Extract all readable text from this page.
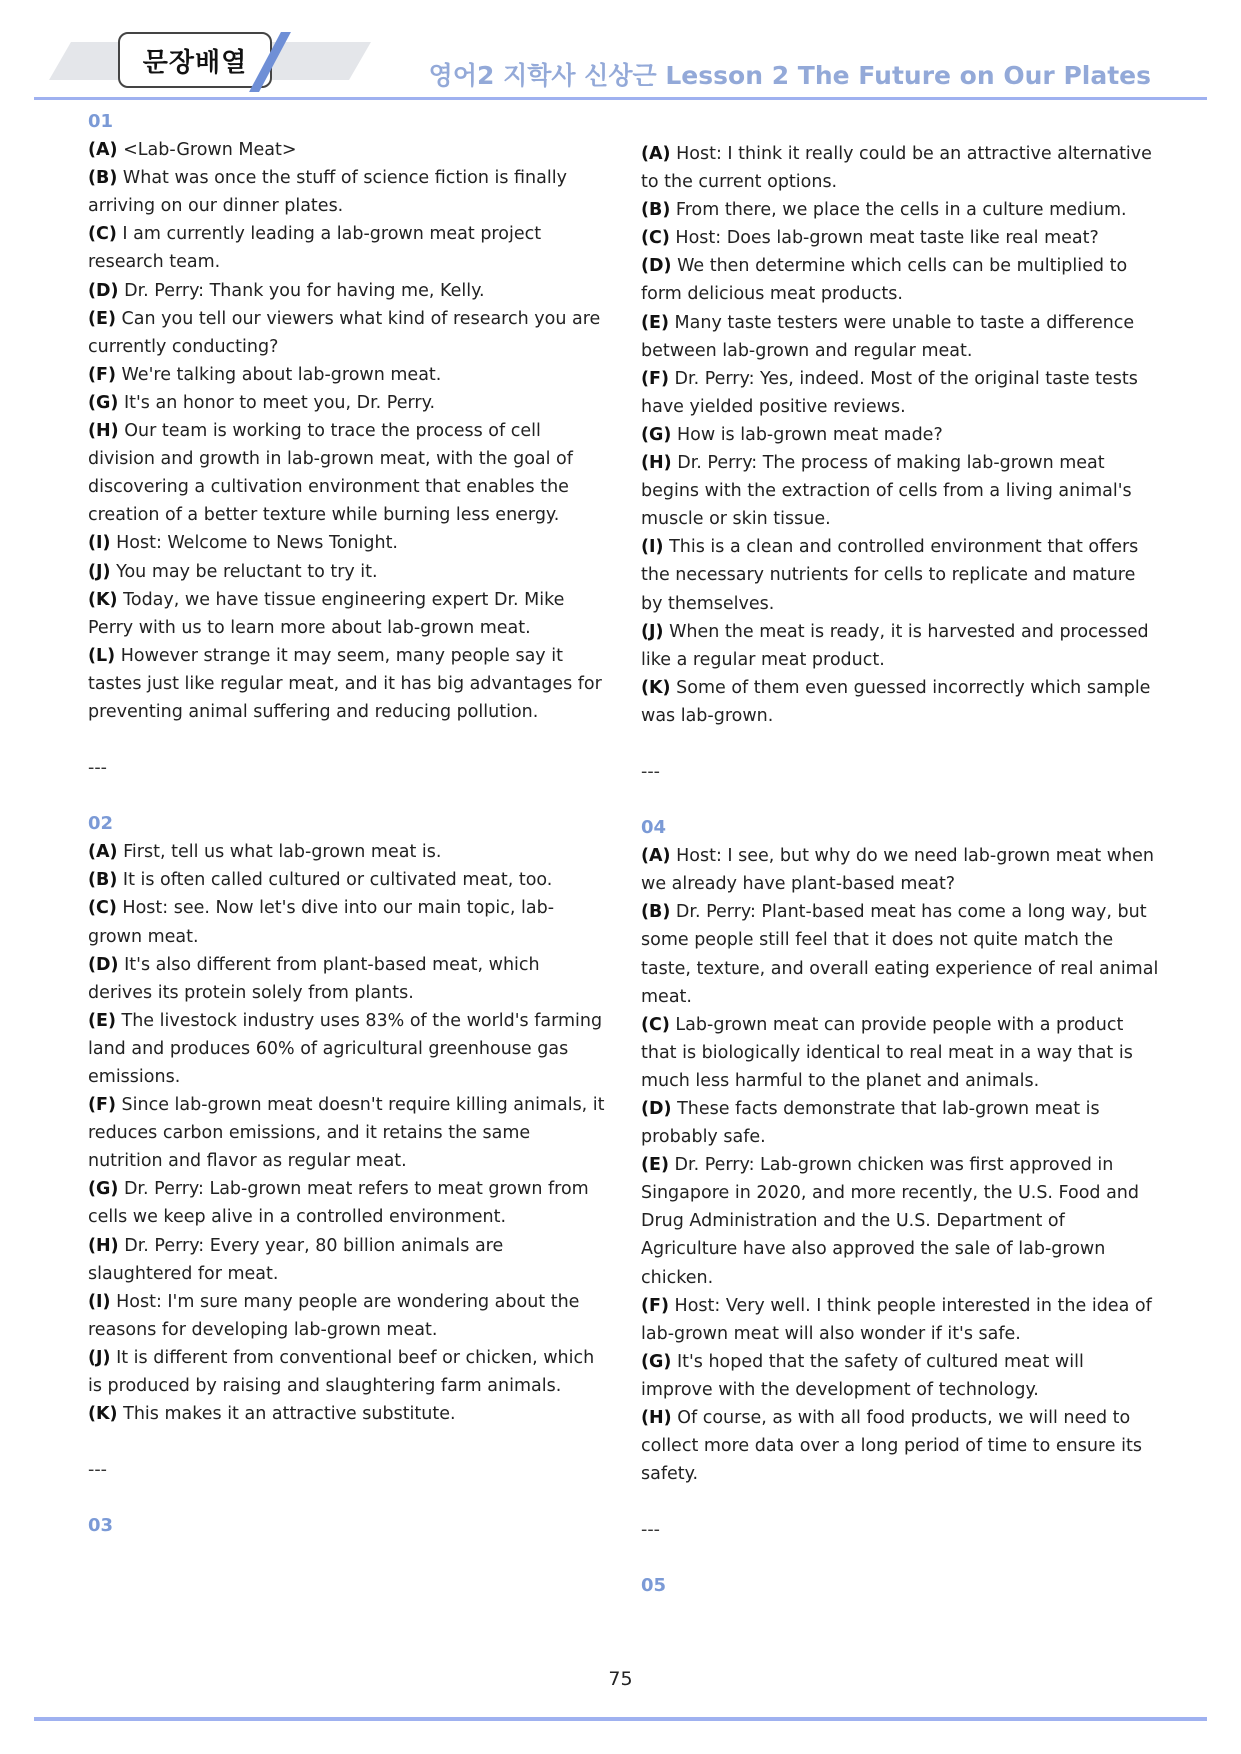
문장배열	영어2 지학사 신상근 Lesson 2 The Future on Our Plates

01

(A) <Lab-Grown Meat>

(B) What was once the stuff of science fiction is finally arriving on our dinner plates.

(C) I am currently leading a lab-grown meat project research team.

(D) Dr. Perry: Thank you for having me, Kelly.

(E) Can you tell our viewers what kind of research you are currently conducting?

(F) We're talking about lab-grown meat.

(G) It's an honor to meet you, Dr. Perry.

(H) Our team is working to trace the process of cell division and growth in lab-grown meat, with the goal of discovering a cultivation environment that enables the creation of a better texture while burning less energy.

(I) Host: Welcome to News Tonight.

(J) You may be reluctant to try it.

(K) Today, we have tissue engineering expert Dr. Mike Perry with us to learn more about lab-grown meat.

(L) However strange it may seem, many people say it tastes just like regular meat, and it has big advantages for preventing animal suffering and reducing pollution.

---

02

(A) First, tell us what lab-grown meat is.

(B) It is often called cultured or cultivated meat, too.

(C) Host: see. Now let's dive into our main topic, lab-grown meat.

(D) It's also different from plant-based meat, which derives its protein solely from plants.

(E) The livestock industry uses 83% of the world's farming land and produces 60% of agricultural greenhouse gas emissions.

(F) Since lab-grown meat doesn't require killing animals, it reduces carbon emissions, and it retains the same nutrition and flavor as regular meat.

(G) Dr. Perry: Lab-grown meat refers to meat grown from cells we keep alive in a controlled environment.

(H) Dr. Perry: Every year, 80 billion animals are slaughtered for meat.

(I) Host: I'm sure many people are wondering about the reasons for developing lab-grown meat.

(J) It is different from conventional beef or chicken, which is produced by raising and slaughtering farm animals.

(K) This makes it an attractive substitute.

---

03

(A) Host: I think it really could be an attractive alternative to the current options.

(B) From there, we place the cells in a culture medium.

(C) Host: Does lab-grown meat taste like real meat?

(D) We then determine which cells can be multiplied to form delicious meat products.

(E) Many taste testers were unable to taste a difference between lab-grown and regular meat.

(F) Dr. Perry: Yes, indeed. Most of the original taste tests have yielded positive reviews.

(G) How is lab-grown meat made?

(H) Dr. Perry: The process of making lab-grown meat begins with the extraction of cells from a living animal's muscle or skin tissue.

(I) This is a clean and controlled environment that offers the necessary nutrients for cells to replicate and mature by themselves.

(J) When the meat is ready, it is harvested and processed like a regular meat product.

(K) Some of them even guessed incorrectly which sample was lab-grown.

---

04

(A) Host: I see, but why do we need lab-grown meat when we already have plant-based meat?

(B) Dr. Perry: Plant-based meat has come a long way, but some people still feel that it does not quite match the taste, texture, and overall eating experience of real animal meat.

(C) Lab-grown meat can provide people with a product that is biologically identical to real meat in a way that is much less harmful to the planet and animals.

(D) These facts demonstrate that lab-grown meat is probably safe.

(E) Dr. Perry: Lab-grown chicken was first approved in Singapore in 2020, and more recently, the U.S. Food and Drug Administration and the U.S. Department of Agriculture have also approved the sale of lab-grown chicken.

(F) Host: Very well. I think people interested in the idea of lab-grown meat will also wonder if it's safe.

(G) It's hoped that the safety of cultured meat will improve with the development of technology.

(H) Of course, as with all food products, we will need to collect more data over a long period of time to ensure its safety.

---

05

75
